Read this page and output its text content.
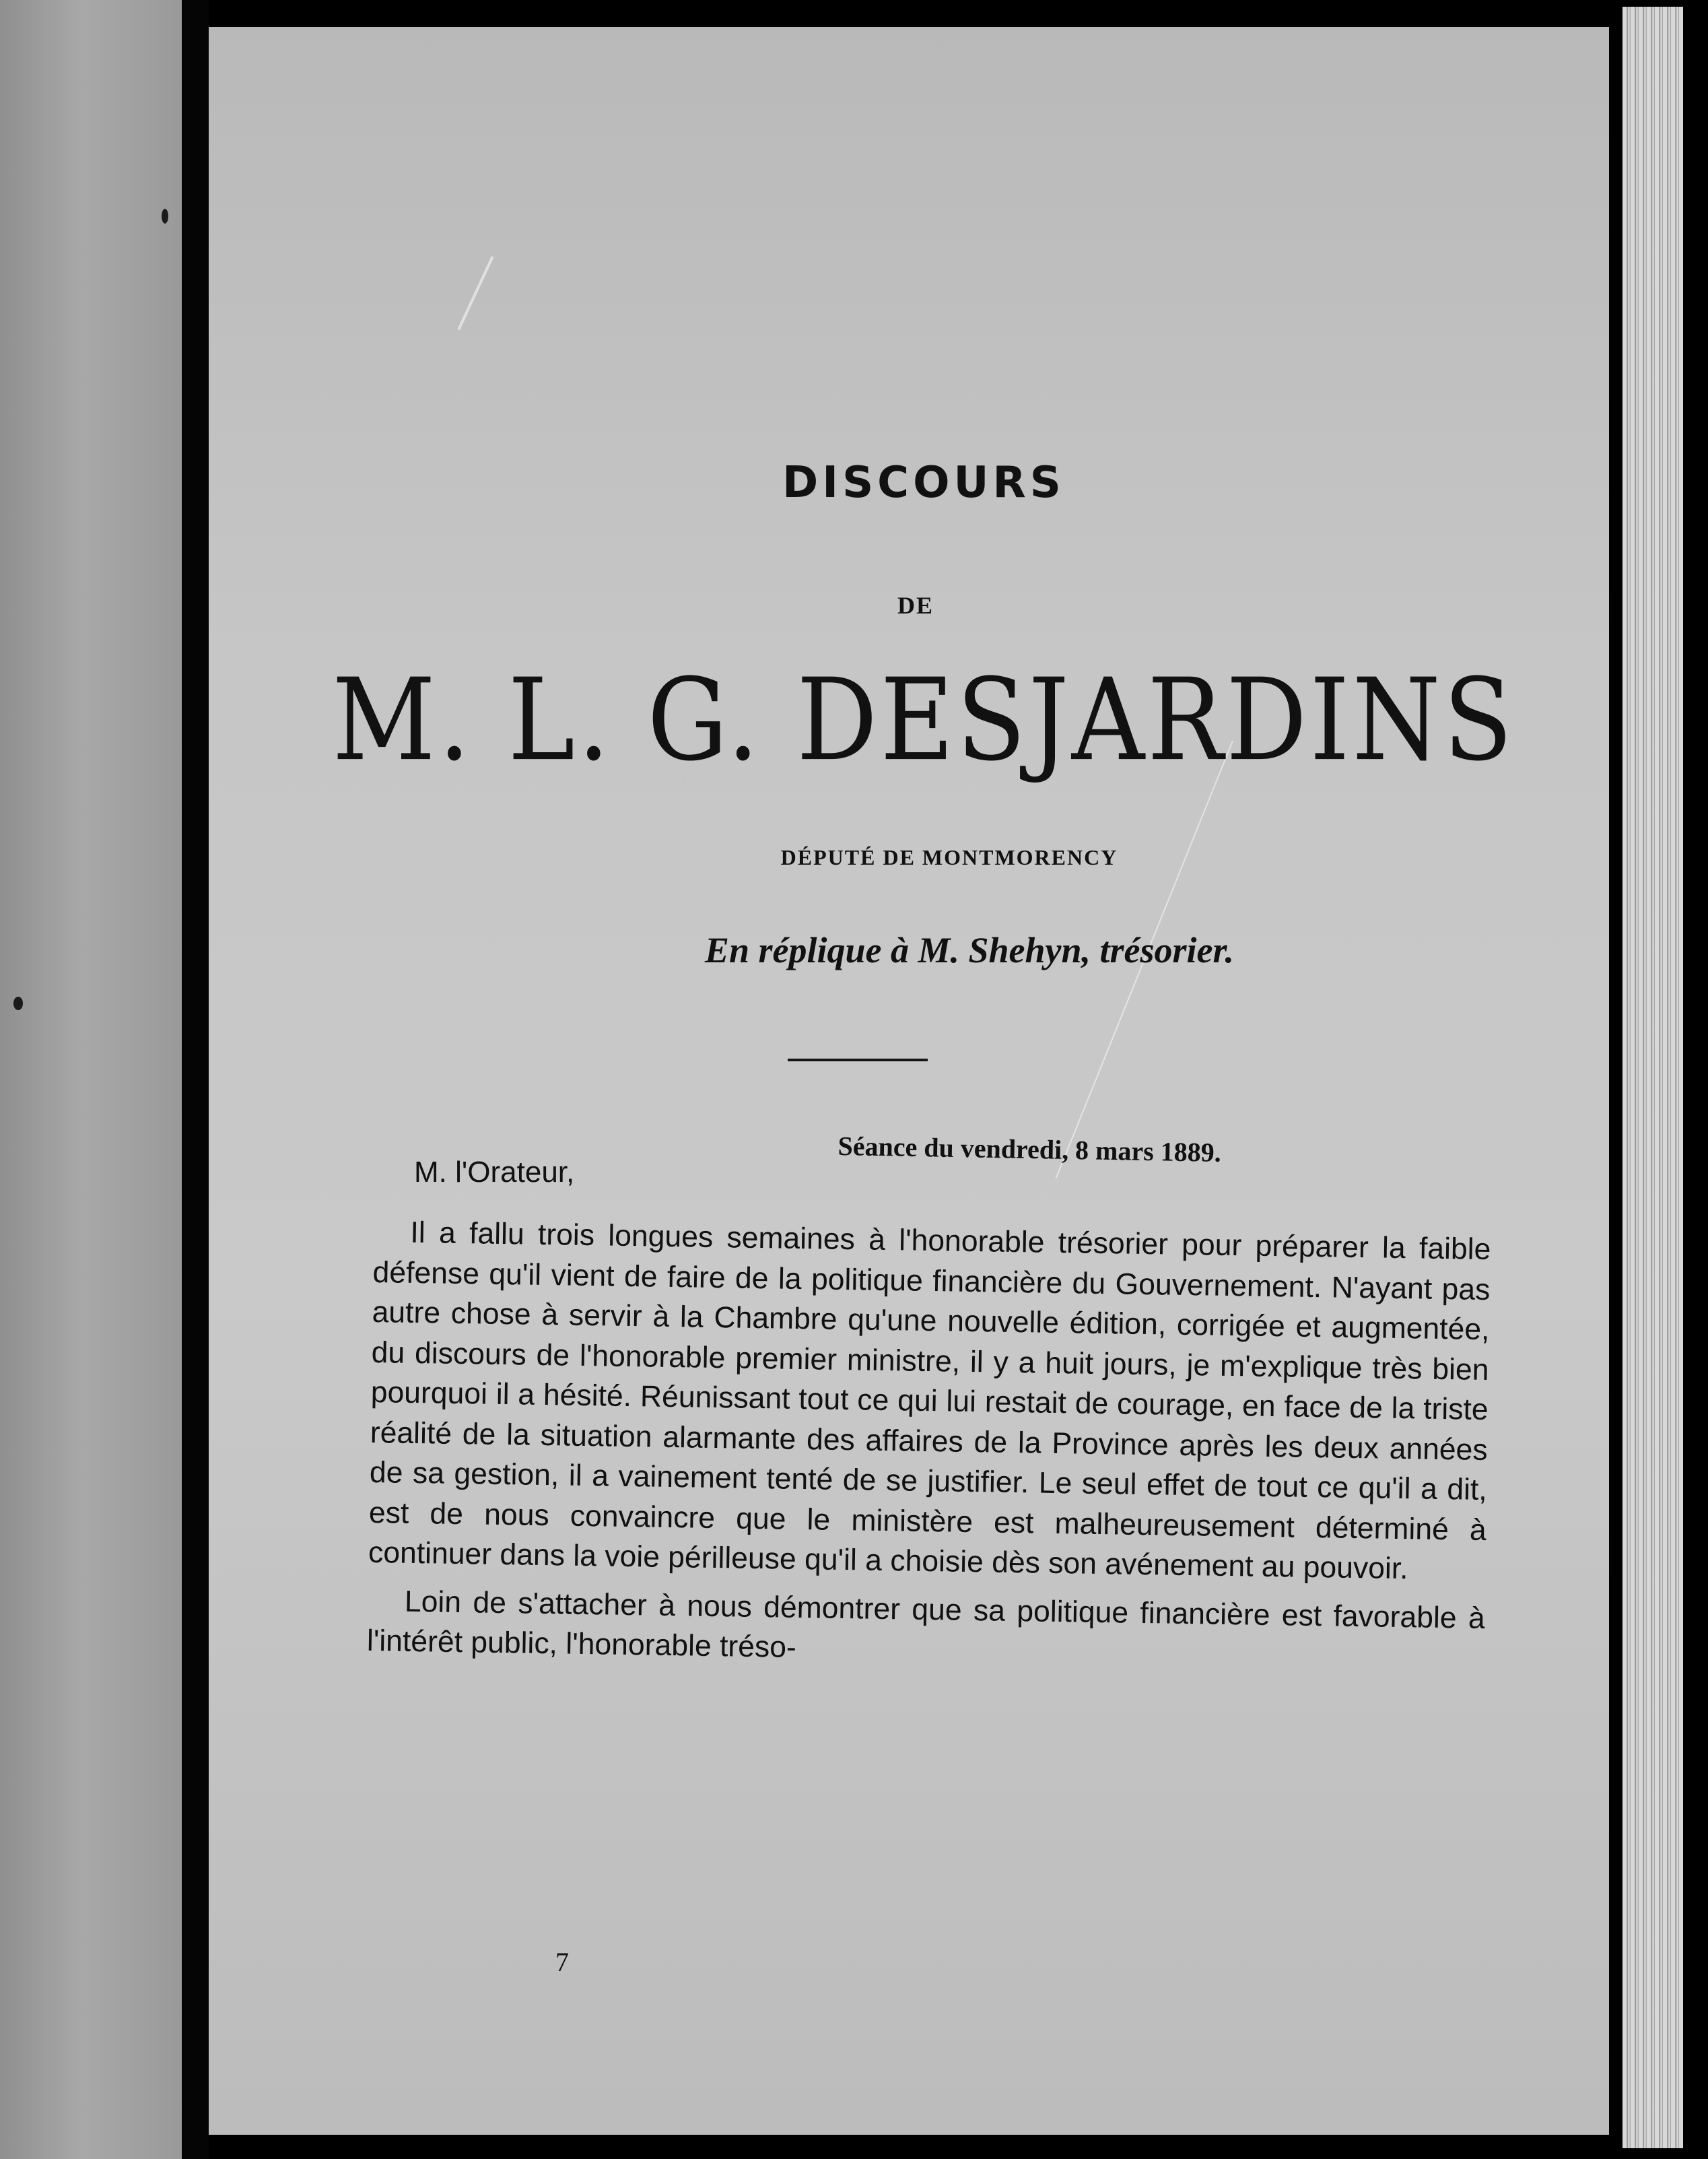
DISCOURS
DE
M. L. G. DESJARDINS
DÉPUTÉ DE MONTMORENCY
En réplique à M. Shehyn, trésorier.
Séance du vendredi, 8 mars 1889.
M. l'Orateur,

Il a fallu trois longues semaines à l'honorable trésorier pour préparer la faible défense qu'il vient de faire de la politique financière du Gouvernement. N'ayant pas autre chose à servir à la Chambre qu'une nouvelle édition, corrigée et augmentée, du discours de l'honorable premier ministre, il y a huit jours, je m'explique très bien pourquoi il a hésité. Réunissant tout ce qui lui restait de courage, en face de la triste réalité de la situation alarmante des affaires de la Province après les deux années de sa gestion, il a vainement tenté de se justifier. Le seul effet de tout ce qu'il a dit, est de nous convaincre que le ministère est malheureusement déterminé à continuer dans la voie périlleuse qu'il a choisie dès son avénement au pouvoir.

Loin de s'attacher à nous démontrer que sa politique financière est favorable à l'intérêt public, l'honorable tréso-

7
